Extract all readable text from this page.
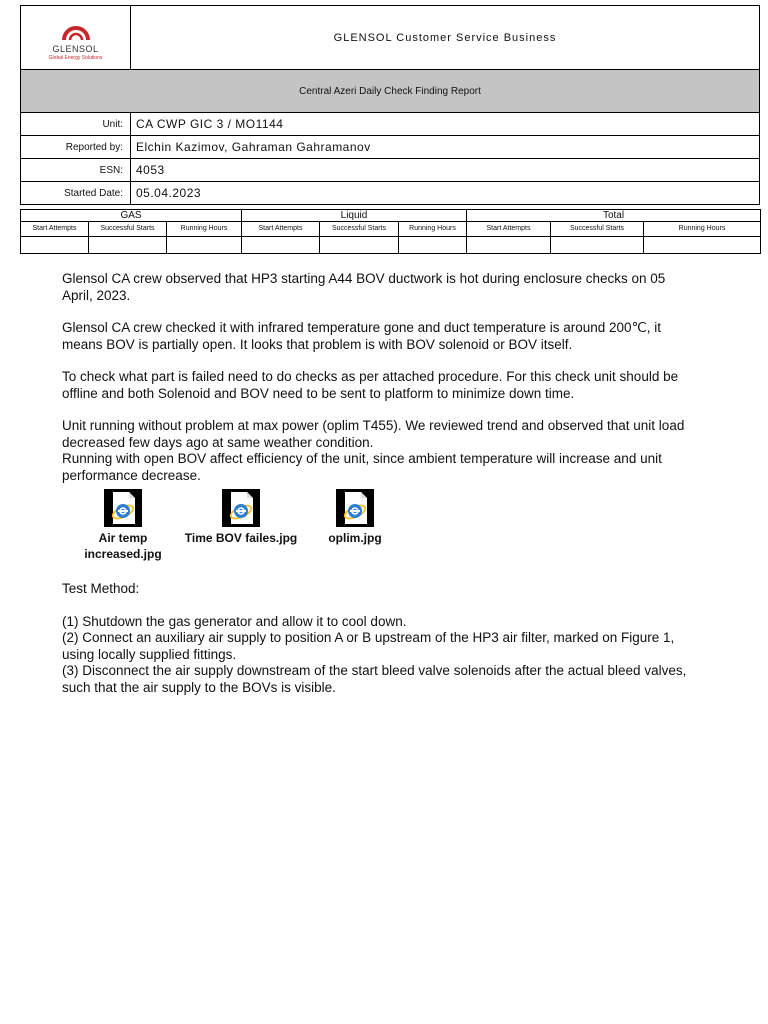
GLENSOL
Global Energy Solutions	GLENSOL Customer Service Business
Central Azeri Daily Check Finding Report	
Unit:	CA CWP GIC 3 / MO1144
Reported by:	Elchin Kazimov, Gahraman Gahramanov
ESN:	4053
Started Date:	05.04.2023
GAS			Liquid			Total		
Start Attempts	Successful Starts	Running Hours	Start Attempts	Successful Starts	Running Hours	Start Attempts	Successful Starts	Running Hours

Glensol CA crew observed that HP3 starting A44 BOV ductwork is hot during enclosure checks on 05 April, 2023.

Glensol CA crew checked it with infrared temperature gone and duct temperature is around 200℃, it means BOV is partially open. It looks that problem is with BOV solenoid or BOV itself.

To check what part is failed need to do checks as per attached procedure. For this check unit should be offline and both Solenoid and BOV need to be sent to platform to minimize down time.

Unit running without problem at max power (oplim T455). We reviewed trend and observed that unit load decreased few days ago at same weather condition.
Running with open BOV affect efficiency of the unit, since ambient temperature will increase and unit performance decrease.
Air temp
increased.jpg
Time BOV failes.jpg	oplim.jpg

Test Method:

(1) Shutdown the gas generator and allow it to cool down.
(2) Connect an auxiliary air supply to position A or B upstream of the HP3 air filter, marked on Figure 1, using locally supplied fittings.
(3) Disconnect the air supply downstream of the start bleed valve solenoids after the actual bleed valves, such that the air supply to the BOVs is visible.
